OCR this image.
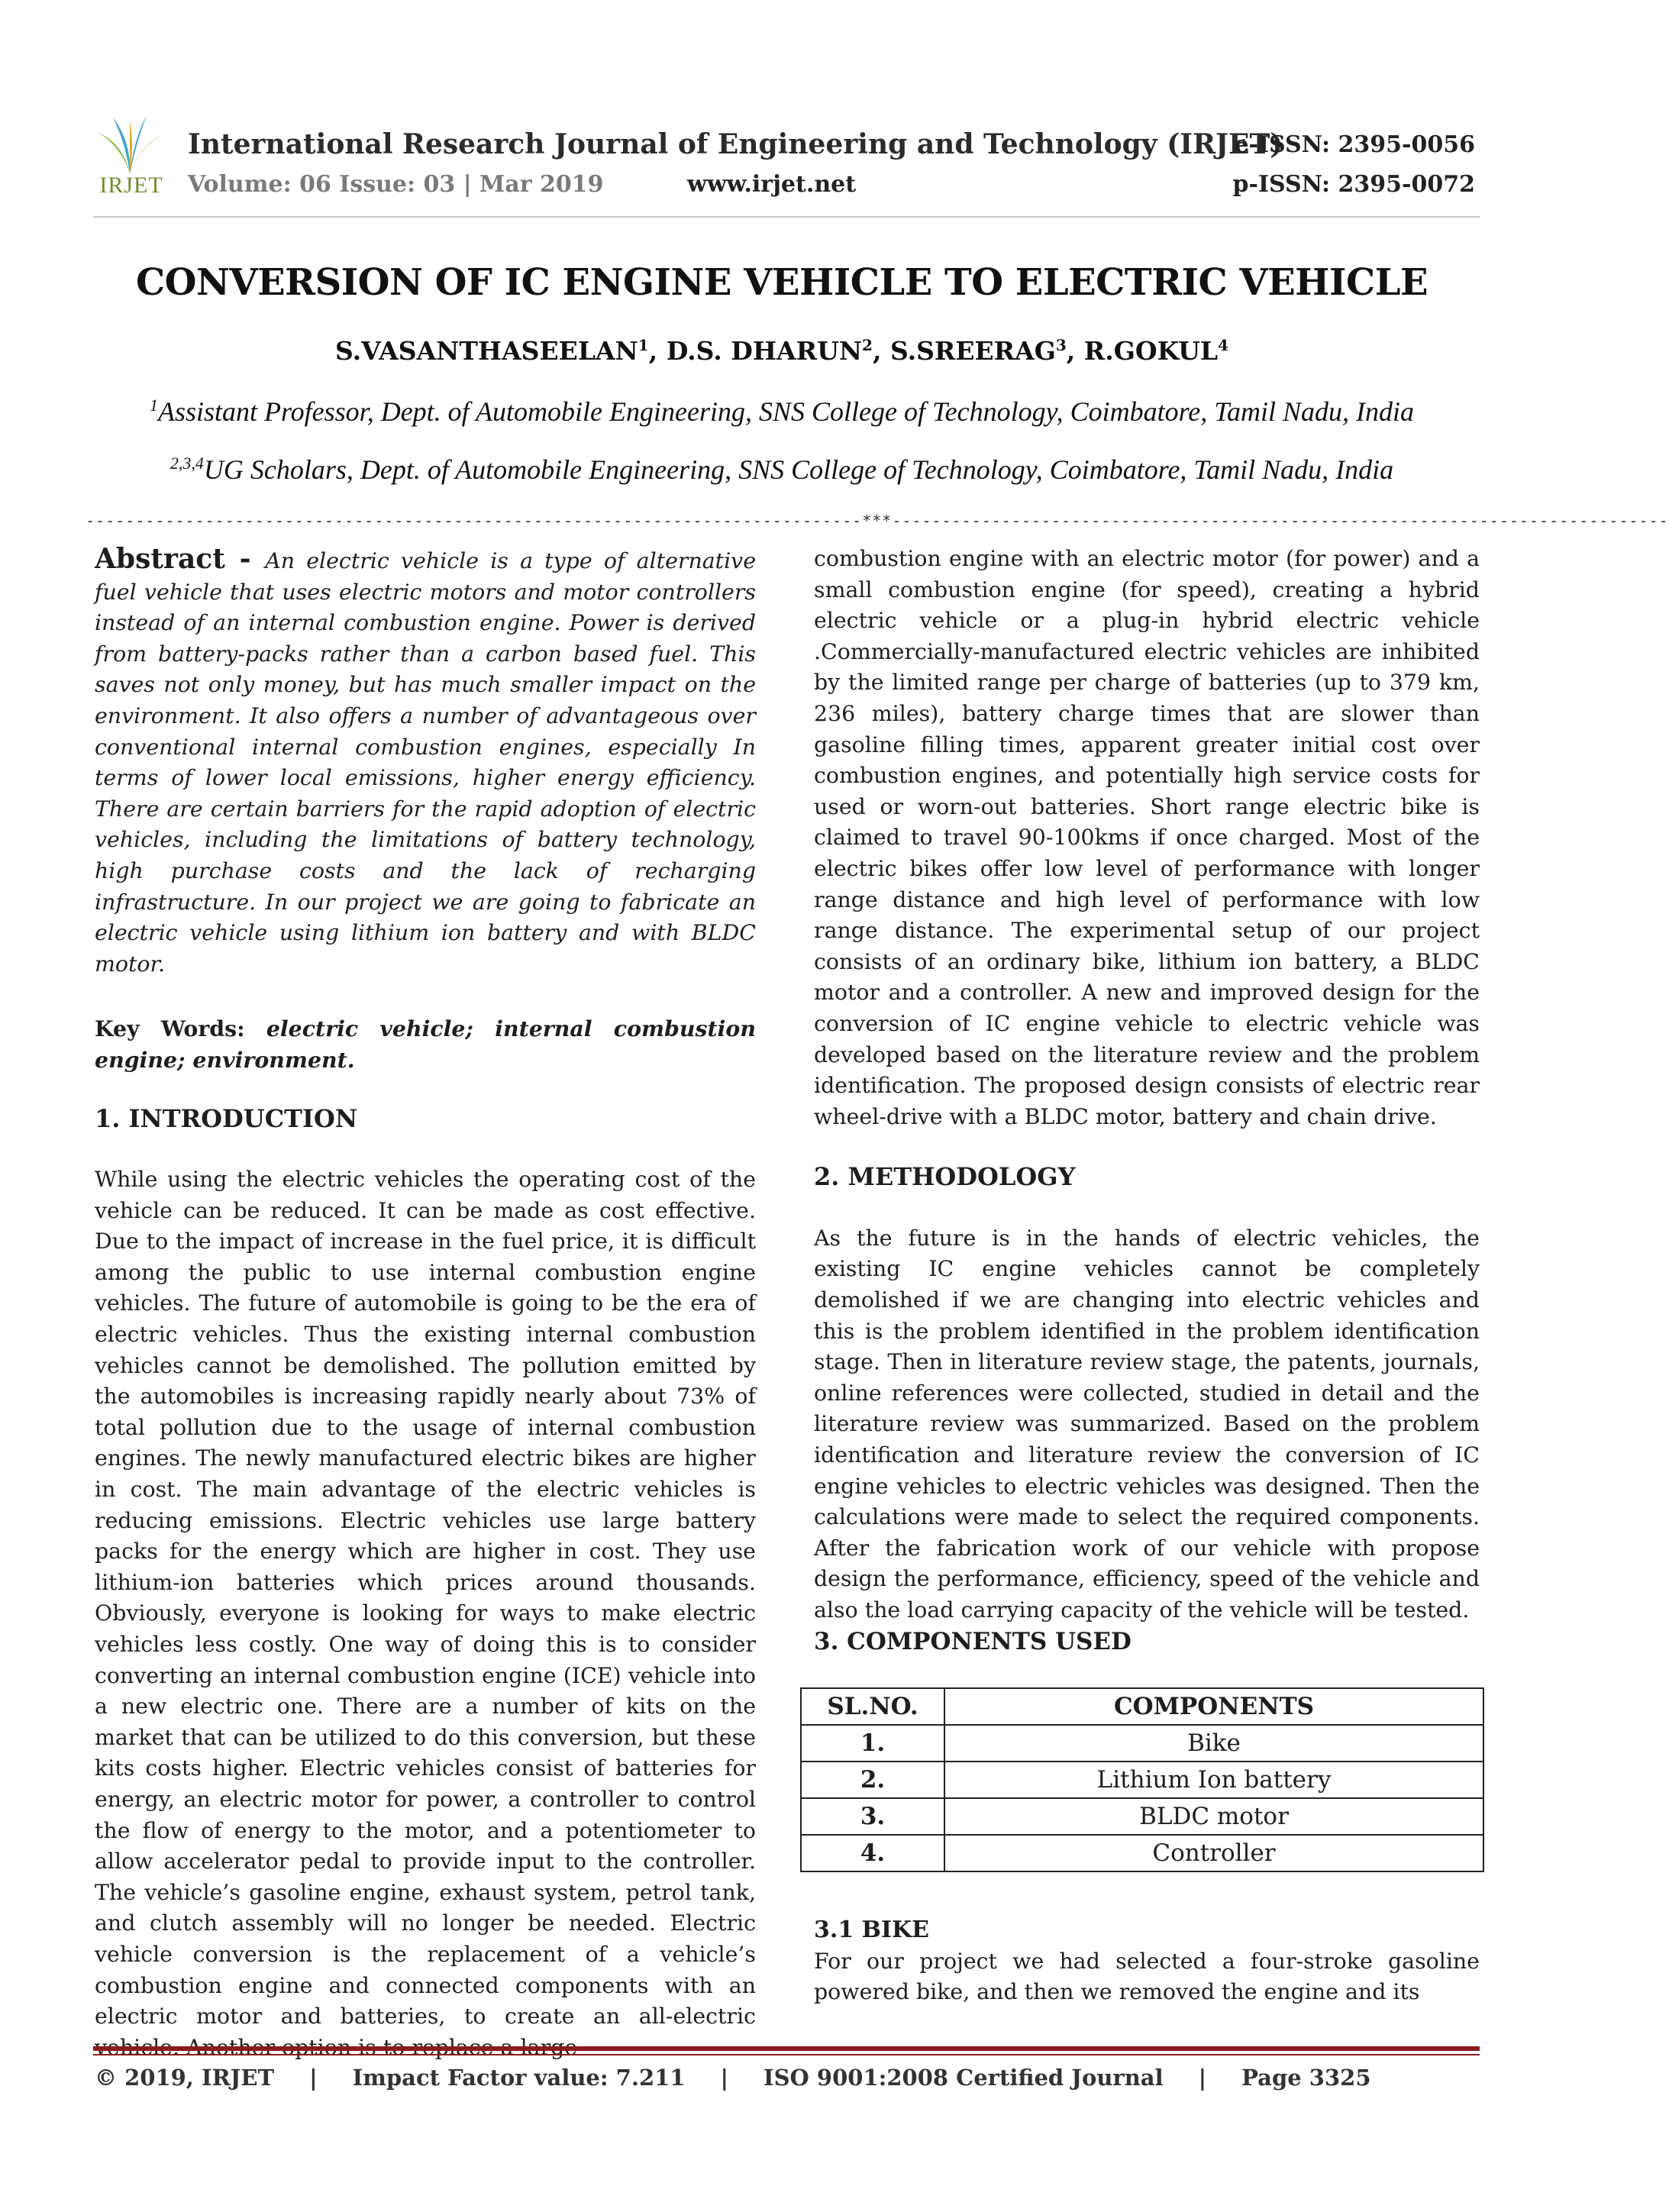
IRJET
International Research Journal of Engineering and Technology (IRJET)
Volume: 06 Issue: 03 | Mar 2019	www.irjet.net
e-ISSN: 2395-0056
p-ISSN: 2395-0072
CONVERSION OF IC ENGINE VEHICLE TO ELECTRIC VEHICLE
S.VASANTHASEELAN$^1$, D.S. DHARUN$^2$, S.SREERAG$^3$, R.GOKUL$^4$
$^1$Assistant Professor, Dept. of Automobile Engineering, SNS College of Technology, Coimbatore, Tamil Nadu, India
$^{2,3,4}$UG Scholars, Dept. of Automobile Engineering, SNS College of Technology, Coimbatore, Tamil Nadu, India
------------------------------------------------------------------------------***------------------------------------------------------------------------------

Abstract - An electric vehicle is a type of alternative fuel vehicle that uses electric motors and motor controllers instead of an internal combustion engine. Power is derived from battery-packs rather than a carbon based fuel. This saves not only money, but has much smaller impact on the environment. It also offers a number of advantageous over conventional internal combustion engines, especially In terms of lower local emissions, higher energy efficiency. There are certain barriers for the rapid adoption of electric vehicles, including the limitations of battery technology, high purchase costs and the lack of recharging infrastructure. In our project we are going to fabricate an electric vehicle using lithium ion battery and with BLDC motor.

Key Words: electric vehicle; internal combustion engine; environment.

1. INTRODUCTION

While using the electric vehicles the operating cost of the vehicle can be reduced. It can be made as cost effective. Due to the impact of increase in the fuel price, it is difficult among the public to use internal combustion engine vehicles. The future of automobile is going to be the era of electric vehicles. Thus the existing internal combustion vehicles cannot be demolished. The pollution emitted by the automobiles is increasing rapidly nearly about 73% of total pollution due to the usage of internal combustion engines. The newly manufactured electric bikes are higher in cost. The main advantage of the electric vehicles is reducing emissions. Electric vehicles use large battery packs for the energy which are higher in cost. They use lithium-ion batteries which prices around thousands. Obviously, everyone is looking for ways to make electric vehicles less costly. One way of doing this is to consider converting an internal combustion engine (ICE) vehicle into a new electric one. There are a number of kits on the market that can be utilized to do this conversion, but these kits costs higher. Electric vehicles consist of batteries for energy, an electric motor for power, a controller to control the flow of energy to the motor, and a potentiometer to allow accelerator pedal to provide input to the controller. The vehicle’s gasoline engine, exhaust system, petrol tank, and clutch assembly will no longer be needed. Electric vehicle conversion is the replacement of a vehicle’s combustion engine and connected components with an electric motor and batteries, to create an all-electric

combustion engine with an electric motor (for power) and a small combustion engine (for speed), creating a hybrid electric vehicle or a plug-in hybrid electric vehicle .Commercially-manufactured electric vehicles are inhibited by the limited range per charge of batteries (up to 379 km, 236 miles), battery charge times that are slower than gasoline filling times, apparent greater initial cost over combustion engines, and potentially high service costs for used or worn-out batteries. Short range electric bike is claimed to travel 90-100kms if once charged. Most of the electric bikes offer low level of performance with longer range distance and high level of performance with low range distance. The experimental setup of our project consists of an ordinary bike, lithium ion battery, a BLDC motor and a controller. A new and improved design for the conversion of IC engine vehicle to electric vehicle was developed based on the literature review and the problem identification. The proposed design consists of electric rear wheel-drive with a BLDC motor, battery and chain drive.

2. METHODOLOGY

As the future is in the hands of electric vehicles, the existing IC engine vehicles cannot be completely demolished if we are changing into electric vehicles and this is the problem identified in the problem identification stage. Then in literature review stage, the patents, journals, online references were collected, studied in detail and the literature review was summarized. Based on the problem identification and literature review the conversion of IC engine vehicles to electric vehicles was designed. Then the calculations were made to select the required components. After the fabrication work of our vehicle with propose design the performance, efficiency, speed of the vehicle and also the load carrying capacity of the vehicle will be tested.

3. COMPONENTS USED

SL.NO.	COMPONENTS
1.	Bike
2.	Lithium Ion battery
3.	BLDC motor
4.	Controller

3.1 BIKE

For our project we had selected a four-stroke gasoline powered bike, and then we removed the engine and its

© 2019, IRJET | Impact Factor value: 7.211 | ISO 9001:2008 Certified Journal | Page 3325
